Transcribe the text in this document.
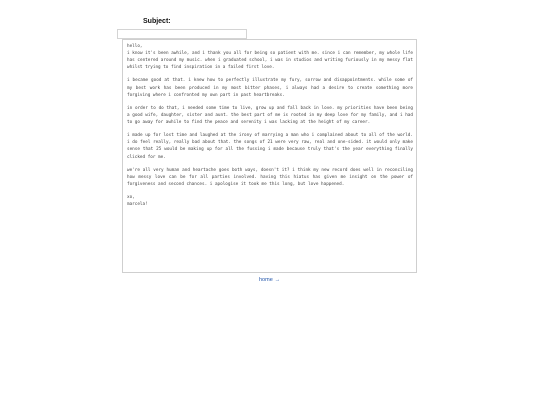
Subject:

hello,
i know it's been awhile, and i thank you all for being so patient with me. since i can remember, my whole life has centered around my music. when i graduated school, i was in studios and writing furiously in my messy flat whilst trying to find inspiration in a failed first love.

i became good at that. i knew how to perfectly illustrate my fury, sorrow and disappointments. while some of my best work has been produced in my most bitter phases, i always had a desire to create something more forgiving where i confronted my own part in past heartbreaks.

in order to do that, i needed some time to live, grow up and fall back in love. my priorities have been being a good wife, daughter, sister and aunt. the best part of me is rooted in my deep love for my family, and i had to go away for awhile to find the peace and serenity i was lacking at the height of my career.

i made up for lost time and laughed at the irony of marrying a man who i complained about to all of the world. i do feel really, really bad about that. the songs of 21 were very raw, real and one-sided. it would only make sense that 25 would be making up for all the fussing i made because truly that's the year everything finally clicked for me.

we're all very human and heartache goes both ways, doesn't it? i think my new record does well in reconciling how messy love can be for all parties involved. having this hiatus has given me insight on the power of forgiveness and second chances. i apologise it took me this long, but love happened.

xo,
marcela!

home →
